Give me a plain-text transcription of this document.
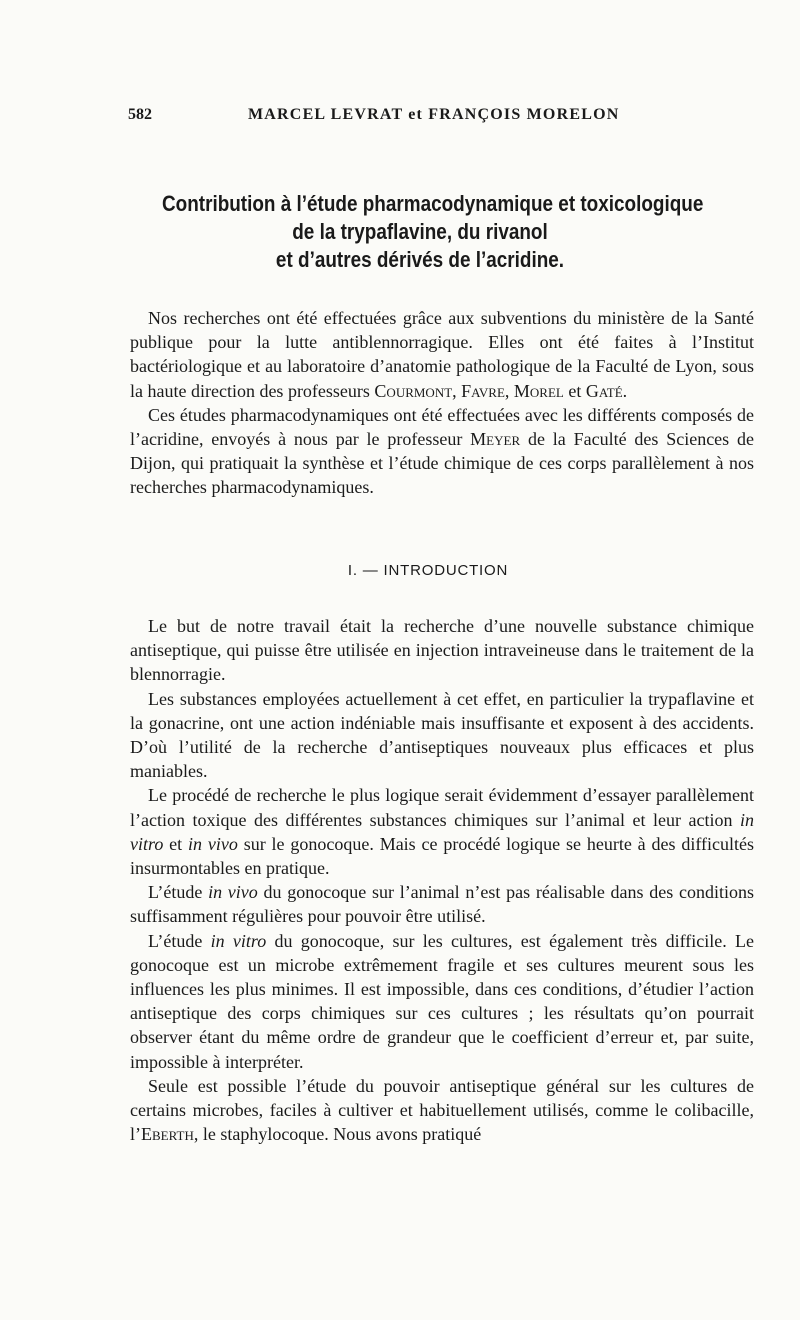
582	MARCEL LEVRAT et FRANÇOIS MORELON
Contribution à l’étude pharmacodynamique et toxicologique
de la trypaflavine, du rivanol
et d’autres dérivés de l’acridine.

Nos recherches ont été effectuées grâce aux subventions du ministère de la Santé publique pour la lutte antiblennorragique. Elles ont été faites à l’Institut bactériologique et au laboratoire d’anatomie pathologique de la Faculté de Lyon, sous la haute direction des professeurs Courmont, Favre, Morel et Gaté.

Ces études pharmacodynamiques ont été effectuées avec les différents composés de l’acridine, envoyés à nous par le professeur Meyer de la Faculté des Sciences de Dijon, qui pratiquait la synthèse et l’étude chimique de ces corps parallèlement à nos recherches pharmacodynamiques.

I. — INTRODUCTION

Le but de notre travail était la recherche d’une nouvelle substance chimique antiseptique, qui puisse être utilisée en injection intraveineuse dans le traitement de la blennorragie.

Les substances employées actuellement à cet effet, en particulier la trypaflavine et la gonacrine, ont une action indéniable mais insuffisante et exposent à des accidents. D’où l’utilité de la recherche d’antiseptiques nouveaux plus efficaces et plus maniables.

Le procédé de recherche le plus logique serait évidemment d’essayer parallèlement l’action toxique des différentes substances chimiques sur l’animal et leur action in vitro et in vivo sur le gonocoque. Mais ce procédé logique se heurte à des difficultés insurmontables en pratique.

L’étude in vivo du gonocoque sur l’animal n’est pas réalisable dans des conditions suffisamment régulières pour pouvoir être utilisé.

L’étude in vitro du gonocoque, sur les cultures, est également très difficile. Le gonocoque est un microbe extrêmement fragile et ses cultures meurent sous les influences les plus minimes. Il est impossible, dans ces conditions, d’étudier l’action antiseptique des corps chimiques sur ces cultures ; les résultats qu’on pourrait observer étant du même ordre de grandeur que le coefficient d’erreur et, par suite, impossible à interpréter.

Seule est possible l’étude du pouvoir antiseptique général sur les cultures de certains microbes, faciles à cultiver et habituellement utilisés, comme le colibacille, l’Eberth, le staphylocoque. Nous avons pratiqué
